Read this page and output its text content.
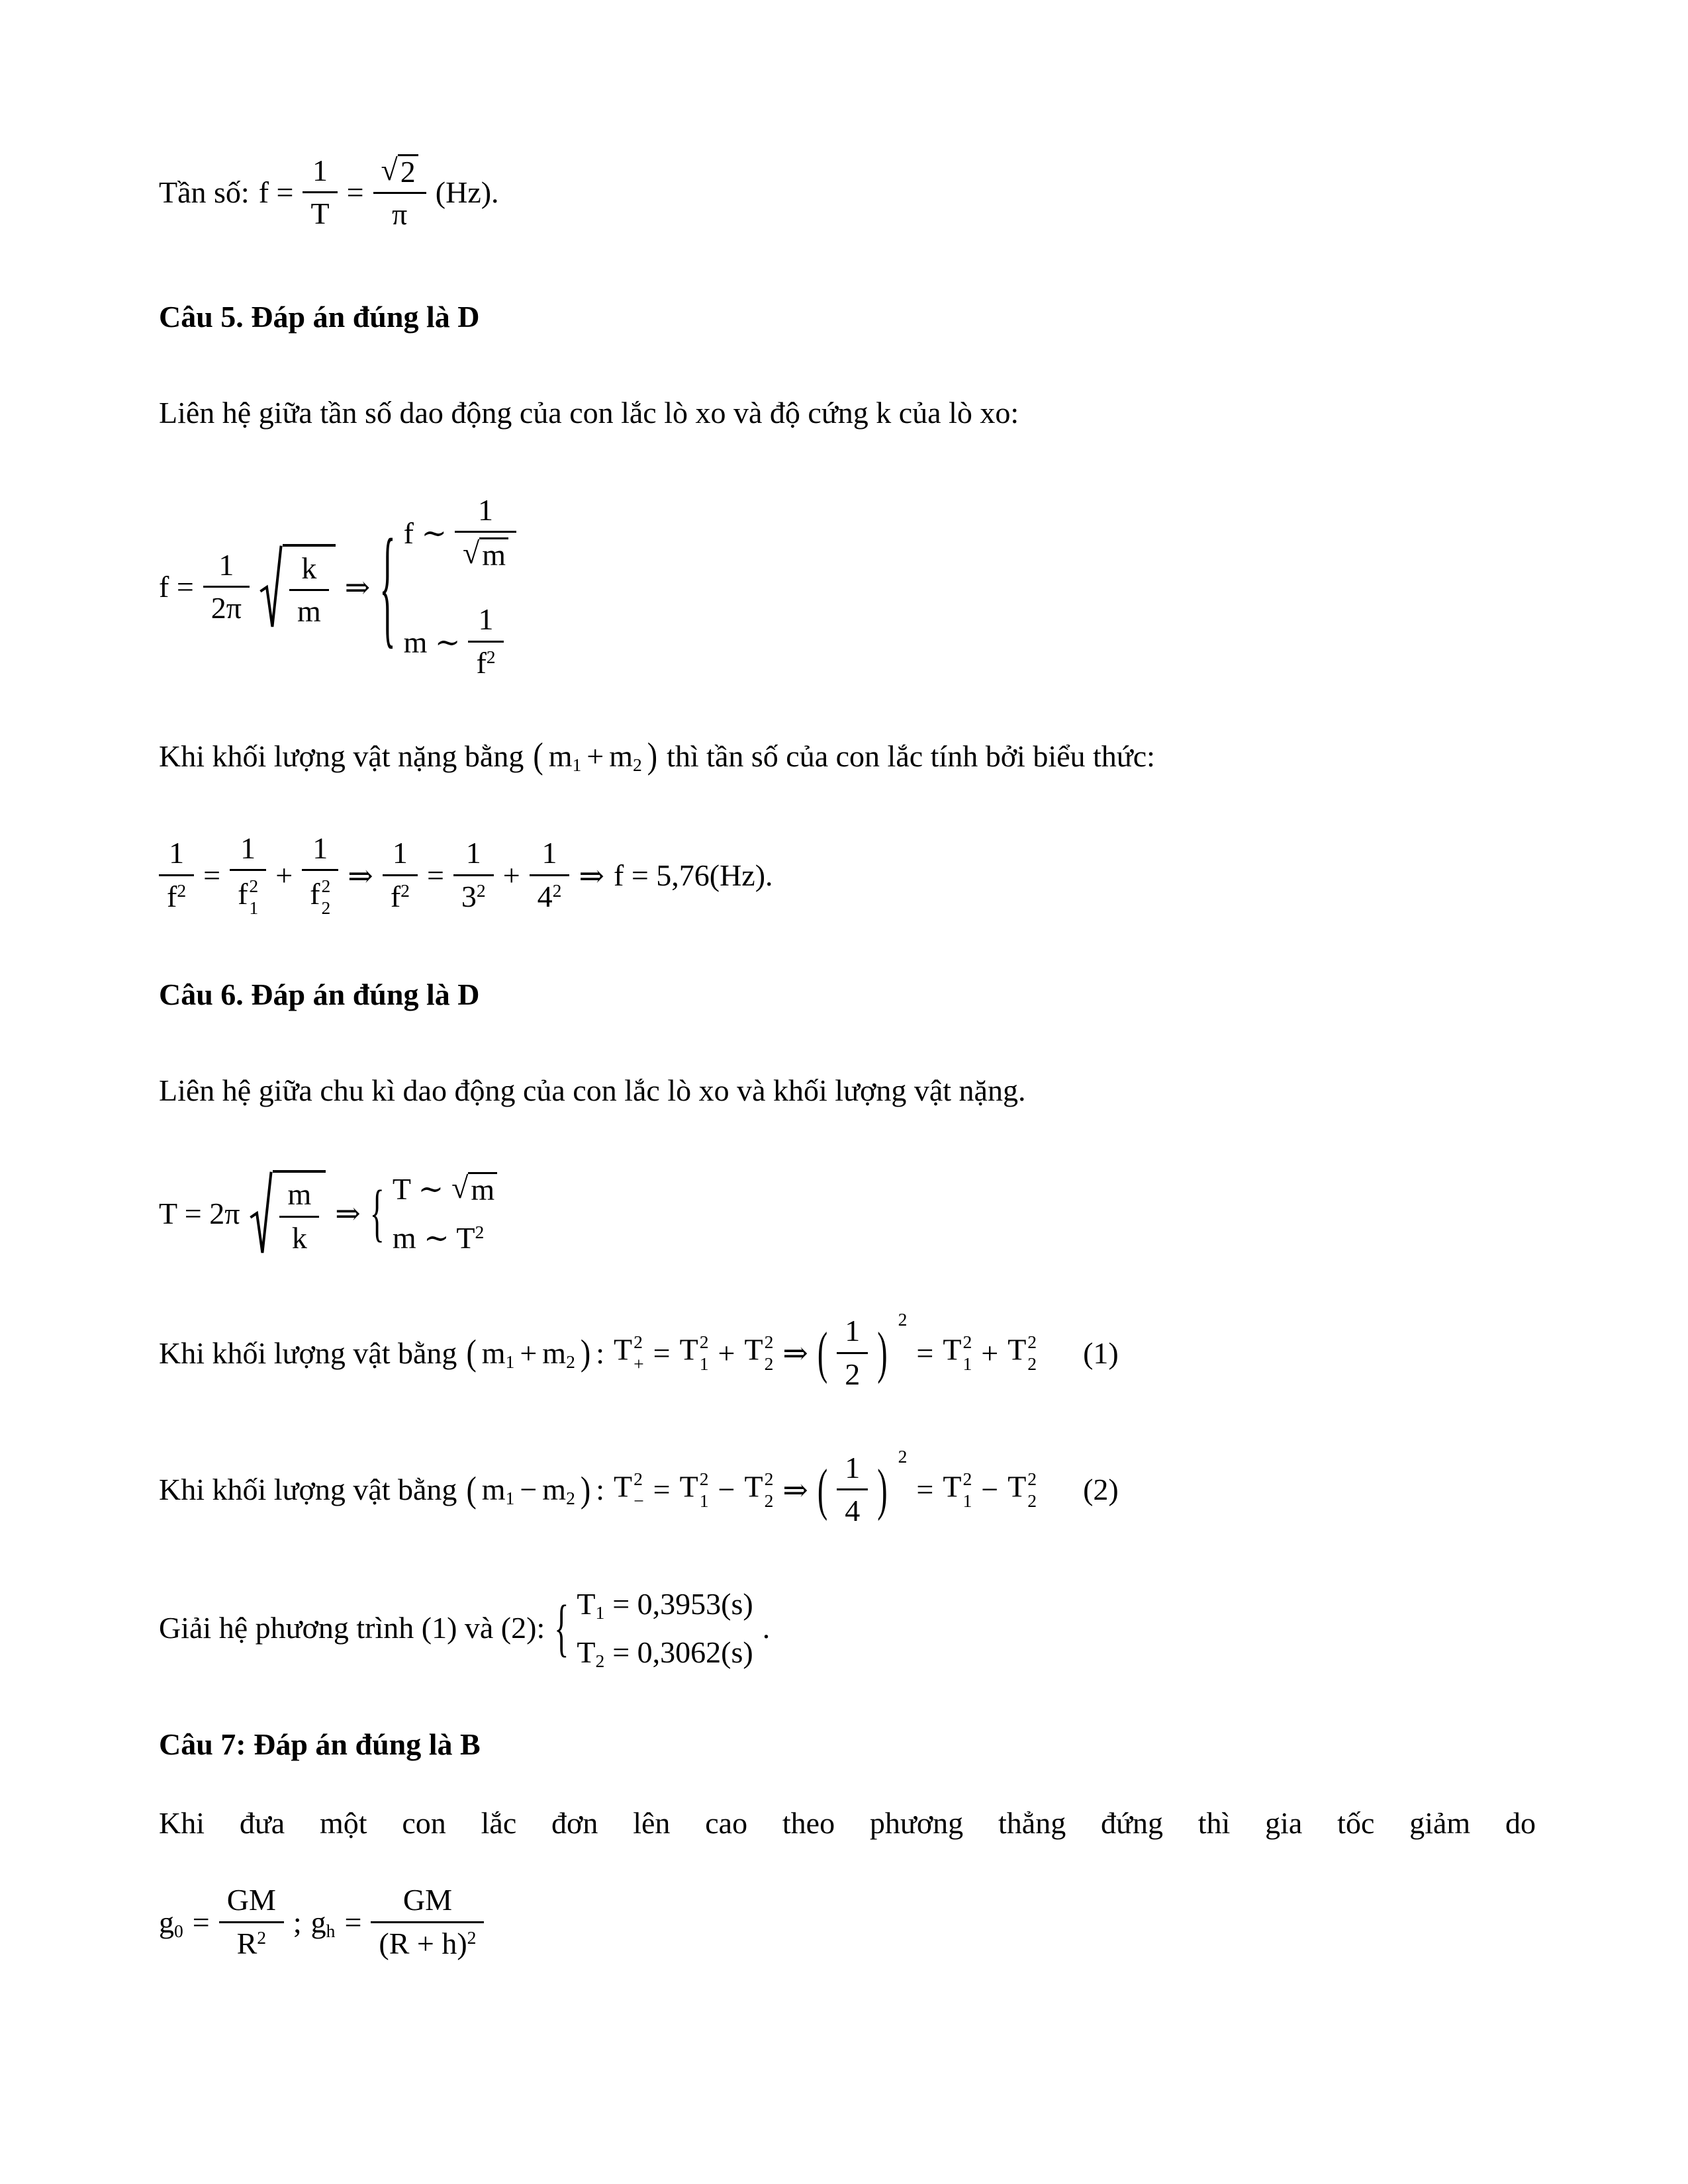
Tần số: $f = \frac{1}{T} = \frac{√ 2}{\pi} (Hz)$.
Câu 5. Đáp án đúng là D
Liên hệ giữa tần số dao động của con lắc lò xo và độ cứng k của lò xo:
$f = \frac{1}{2\pi} \frac{k}{m}$ ⇒ { f ∼ $\frac{1}{√ m}$
m ∼ $\frac{1}{f^2}$
Khi khối lượng vật nặng bằng ( $m_1 + m_2$ ) thì tần số của con lắc tính bởi biểu thức:
$\frac{1}{f^2} = 1$
f 2
1 + 1
f 2
2 ⇒ $\frac{1}{f^2} = \frac{1}{3^2} + \frac{1}{4^2}$ ⇒ f = 5,76(Hz).
Câu 6. Đáp án đúng là D
Liên hệ giữa chu kì dao động của con lắc lò xo và khối lượng vật nặng.
$T = 2\pi \frac{m}{k}$ ⇒ { T ∼ √ m
m ∼ $T^2$
Khi khối lượng vật bằng ( $m_1 + m_2$ ) : T 2
+ = T 2
1 + T 2
2 ⇒ ( $\frac{1}{2}$ )
2
= T 2
1 + T 2
2 (1)
Khi khối lượng vật bằng ( $m_1 - m_2$ ) : T 2
− = T 2
1 − T 2
2 ⇒ ( $\frac{1}{4}$ )
2
= T 2
1 − T 2
2 (2)
Giải hệ phương trình (1) và (2): { $T_1 = 0,3953(s)$
$T_2 = 0,3062(s)$
.
Câu 7: Đáp án đúng là B
Khi đưa một con lắc đơn lên cao theo phương thẳng đứng thì gia tốc giảm do
$g_0 = \frac{GM}{R^2}$ ; $g_h = \frac{GM}{(R + h)^2}$
